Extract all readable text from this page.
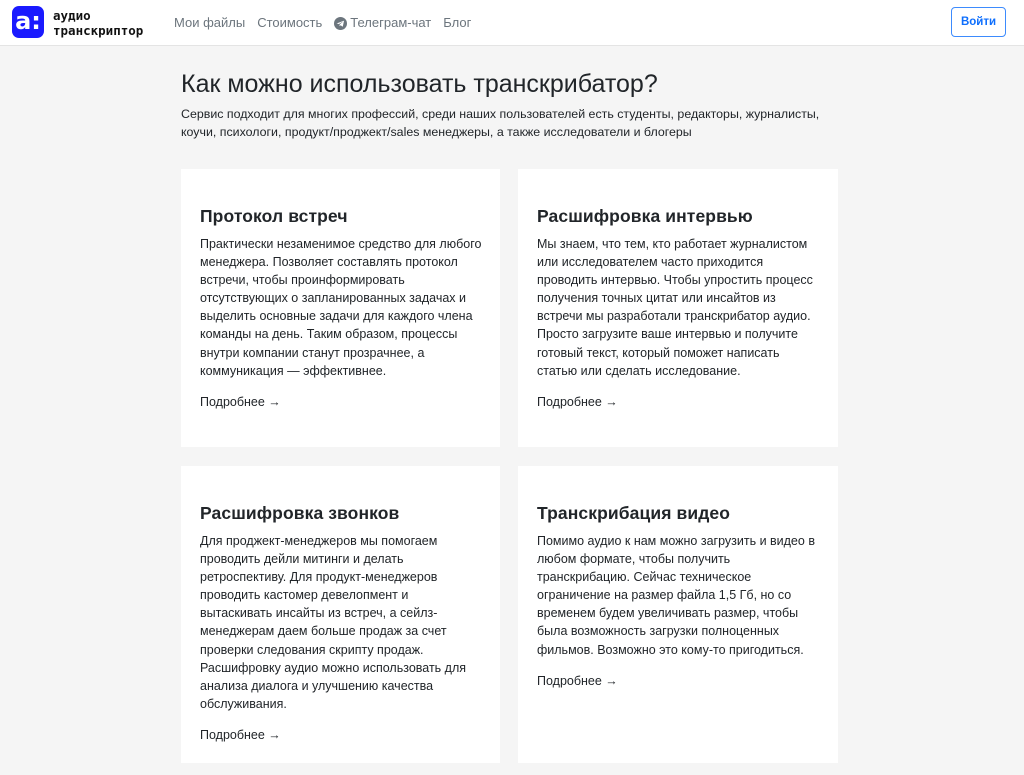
a: аудио
транскриптор
Мои файлы Стоимость Телеграм-чат Блог	Войти
Как можно использовать транскрибатор?

Сервис подходит для многих профессий, среди наших пользователей есть студенты, редакторы, журналисты, коучи, психологи, продукт/проджект/sales менеджеры, а также исследователи и блогеры

Протокол встреч

Практически незаменимое средство для любого менеджера. Позволяет составлять протокол встречи, чтобы проинформировать отсутствующих о запланированных задачах и выделить основные задачи для каждого члена команды на день. Таким образом, процессы внутри компании станут прозрачнее, а коммуникация — эффективнее.

Подробнее →
Расшифровка интервью

Мы знаем, что тем, кто работает журналистом или исследователем часто приходится проводить интервью. Чтобы упростить процесс получения точных цитат или инсайтов из встречи мы разработали транскрибатор аудио. Просто загрузите ваше интервью и получите готовый текст, который поможет написать статью или сделать исследование.

Подробнее →
Расшифровка звонков

Для проджект-менеджеров мы помогаем проводить дейли митинги и делать ретроспективу. Для продукт-менеджеров проводить кастомер девелопмент и вытаскивать инсайты из встреч, а сейлз-менеджерам даем больше продаж за счет проверки следования скрипту продаж. Расшифровку аудио можно использовать для анализа диалога и улучшению качества обслуживания.

Подробнее →
Транскрибация видео

Помимо аудио к нам можно загрузить и видео в любом формате, чтобы получить транскрибацию. Сейчас техническое ограничение на размер файла 1,5 Гб, но со временем будем увеличивать размер, чтобы была возможность загрузки полноценных фильмов. Возможно это кому-то пригодиться.

Подробнее →
